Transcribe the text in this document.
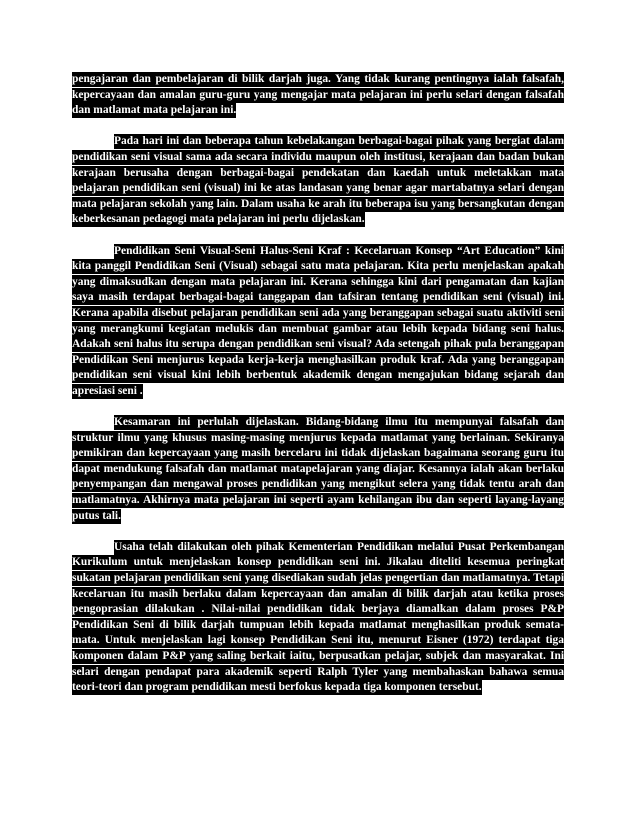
pengajaran dan pembelajaran di bilik darjah juga. Yang tidak kurang pentingnya ialah falsafah, kepercayaan dan amalan guru-guru yang mengajar mata pelajaran ini perlu selari dengan falsafah dan matlamat mata pelajaran ini.

Pada hari ini dan beberapa tahun kebelakangan berbagai-bagai pihak yang bergiat dalam pendidikan seni visual sama ada secara individu maupun oleh institusi, kerajaan dan badan bukan kerajaan berusaha dengan berbagai-bagai pendekatan dan kaedah untuk meletakkan mata pelajaran pendidikan seni (visual) ini ke atas landasan yang benar agar martabatnya selari dengan mata pelajaran sekolah yang lain. Dalam usaha ke arah itu beberapa isu yang bersangkutan dengan keberkesanan pedagogi mata pelajaran ini perlu dijelaskan.

Pendidikan Seni Visual-Seni Halus-Seni Kraf : Kecelaruan Konsep “Art Education” kini kita panggil Pendidikan Seni (Visual) sebagai satu mata pelajaran. Kita perlu menjelaskan apakah yang dimaksudkan dengan mata pelajaran ini. Kerana sehingga kini dari pengamatan dan kajian saya masih terdapat berbagai-bagai tanggapan dan tafsiran tentang pendidikan seni (visual) ini. Kerana apabila disebut pelajaran pendidikan seni ada yang beranggapan sebagai suatu aktiviti seni yang merangkumi kegiatan melukis dan membuat gambar atau lebih kepada bidang seni halus. Adakah seni halus itu serupa dengan pendidikan seni visual? Ada setengah pihak pula beranggapan Pendidikan Seni menjurus kepada kerja-kerja menghasilkan produk kraf. Ada yang beranggapan pendidikan seni visual kini lebih berbentuk akademik dengan mengajukan bidang sejarah dan apresiasi seni .

Kesamaran ini perlulah dijelaskan. Bidang-bidang ilmu itu mempunyai falsafah dan struktur ilmu yang khusus masing-masing menjurus kepada matlamat yang berlainan. Sekiranya pemikiran dan kepercayaan yang masih bercelaru ini tidak dijelaskan bagaimana seorang guru itu dapat mendukung falsafah dan matlamat matapelajaran yang diajar. Kesannya ialah akan berlaku penyempangan dan mengawal proses pendidikan yang mengikut selera yang tidak tentu arah dan matlamatnya. Akhirnya mata pelajaran ini seperti ayam kehilangan ibu dan seperti layang-layang putus tali.

Usaha telah dilakukan oleh pihak Kementerian Pendidikan melalui Pusat Perkembangan Kurikulum untuk menjelaskan konsep pendidikan seni ini. Jikalau diteliti kesemua peringkat sukatan pelajaran pendidikan seni yang disediakan sudah jelas pengertian dan matlamatnya. Tetapi kecelaruan itu masih berlaku dalam kepercayaan dan amalan di bilik darjah atau ketika proses pengoprasian dilakukan . Nilai-nilai pendidikan tidak berjaya diamalkan dalam proses P&P Pendidikan Seni di bilik darjah tumpuan lebih kepada matlamat menghasilkan produk semata-mata. Untuk menjelaskan lagi konsep Pendidikan Seni itu, menurut Eisner (1972) terdapat tiga komponen dalam P&P yang saling berkait iaitu, berpusatkan pelajar, subjek dan masyarakat. Ini selari dengan pendapat para akademik seperti Ralph Tyler yang membahaskan bahawa semua teori-teori dan program pendidikan mesti berfokus kepada tiga komponen tersebut.
